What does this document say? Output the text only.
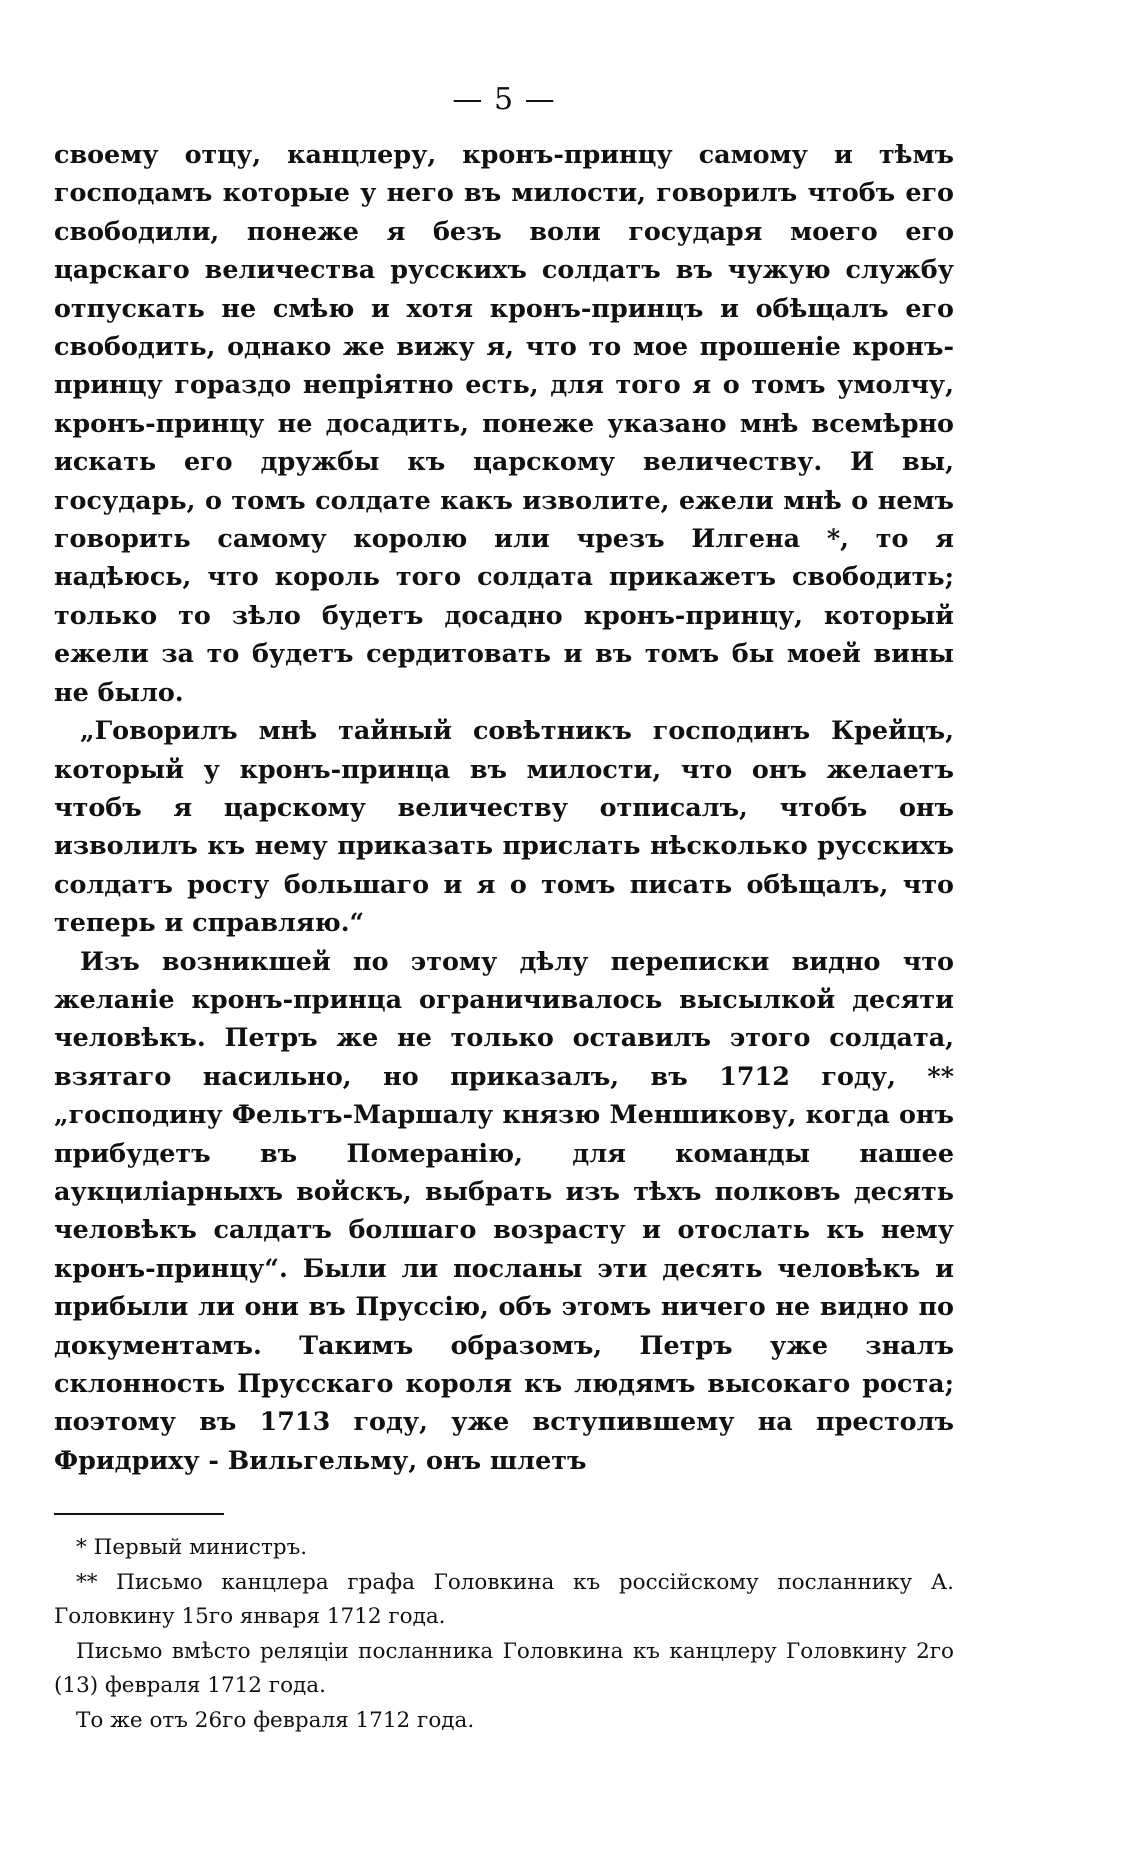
— 5 —

своему отцу, канцлеру, кронъ-принцу самому и тѣмъ господамъ которые у него въ милости, говорилъ чтобъ его свободили, понеже я безъ воли государя моего его царскаго величества русскихъ солдатъ въ чужую службу отпускать не смѣю и хотя кронъ-принцъ и обѣщалъ его свободить, однако же вижу я, что то мое прошеніе кронъ-принцу гораздо непріятно есть, для того я о томъ умолчу, кронъ-принцу не досадить, понеже указано мнѣ всемѣрно искать его дружбы къ царскому величеству. И вы, государь, о томъ солдате какъ изволите, ежели мнѣ о немъ говорить самому королю или чрезъ Илгена *, то я надѣюсь, что король того солдата прикажетъ свободить; только то зѣло будетъ досадно кронъ-принцу, который ежели за то будетъ сердитовать и въ томъ бы моей вины не было.

„Говорилъ мнѣ тайный совѣтникъ господинъ Крейцъ, который у кронъ-принца въ милости, что онъ желаетъ чтобъ я царскому величеству отписалъ, чтобъ онъ изволилъ къ нему приказать прислать нѣсколько русскихъ солдатъ росту большаго и я о томъ писать обѣщалъ, что теперь и справляю.“

Изъ возникшей по этому дѣлу переписки видно что желаніе кронъ-принца ограничивалось высылкой десяти человѣкъ. Петръ же не только оставилъ этого солдата, взятаго насильно, но приказалъ, въ 1712 году, ** „господину Фельтъ-Маршалу князю Меншикову, когда онъ прибудетъ въ Померанію, для команды нашее аукциліарныхъ войскъ, выбрать изъ тѣхъ полковъ десять человѣкъ салдатъ болшаго возрасту и отослать къ нему кронъ-принцу“. Были ли посланы эти десять человѣкъ и прибыли ли они въ Пруссію, объ этомъ ничего не видно по документамъ. Такимъ образомъ, Петръ уже зналъ склонность Прусскаго короля къ людямъ высокаго роста; поэтому въ 1713 году, уже вступившему на престолъ Фридриху - Вильгельму, онъ шлетъ

* Первый министръ.

** Письмо канцлера графа Головкина къ россійскому посланнику А. Головкину 15го января 1712 года.

Письмо вмѣсто реляціи посланника Головкина къ канцлеру Головкину 2го (13) февраля 1712 года.

То же отъ 26го февраля 1712 года.
